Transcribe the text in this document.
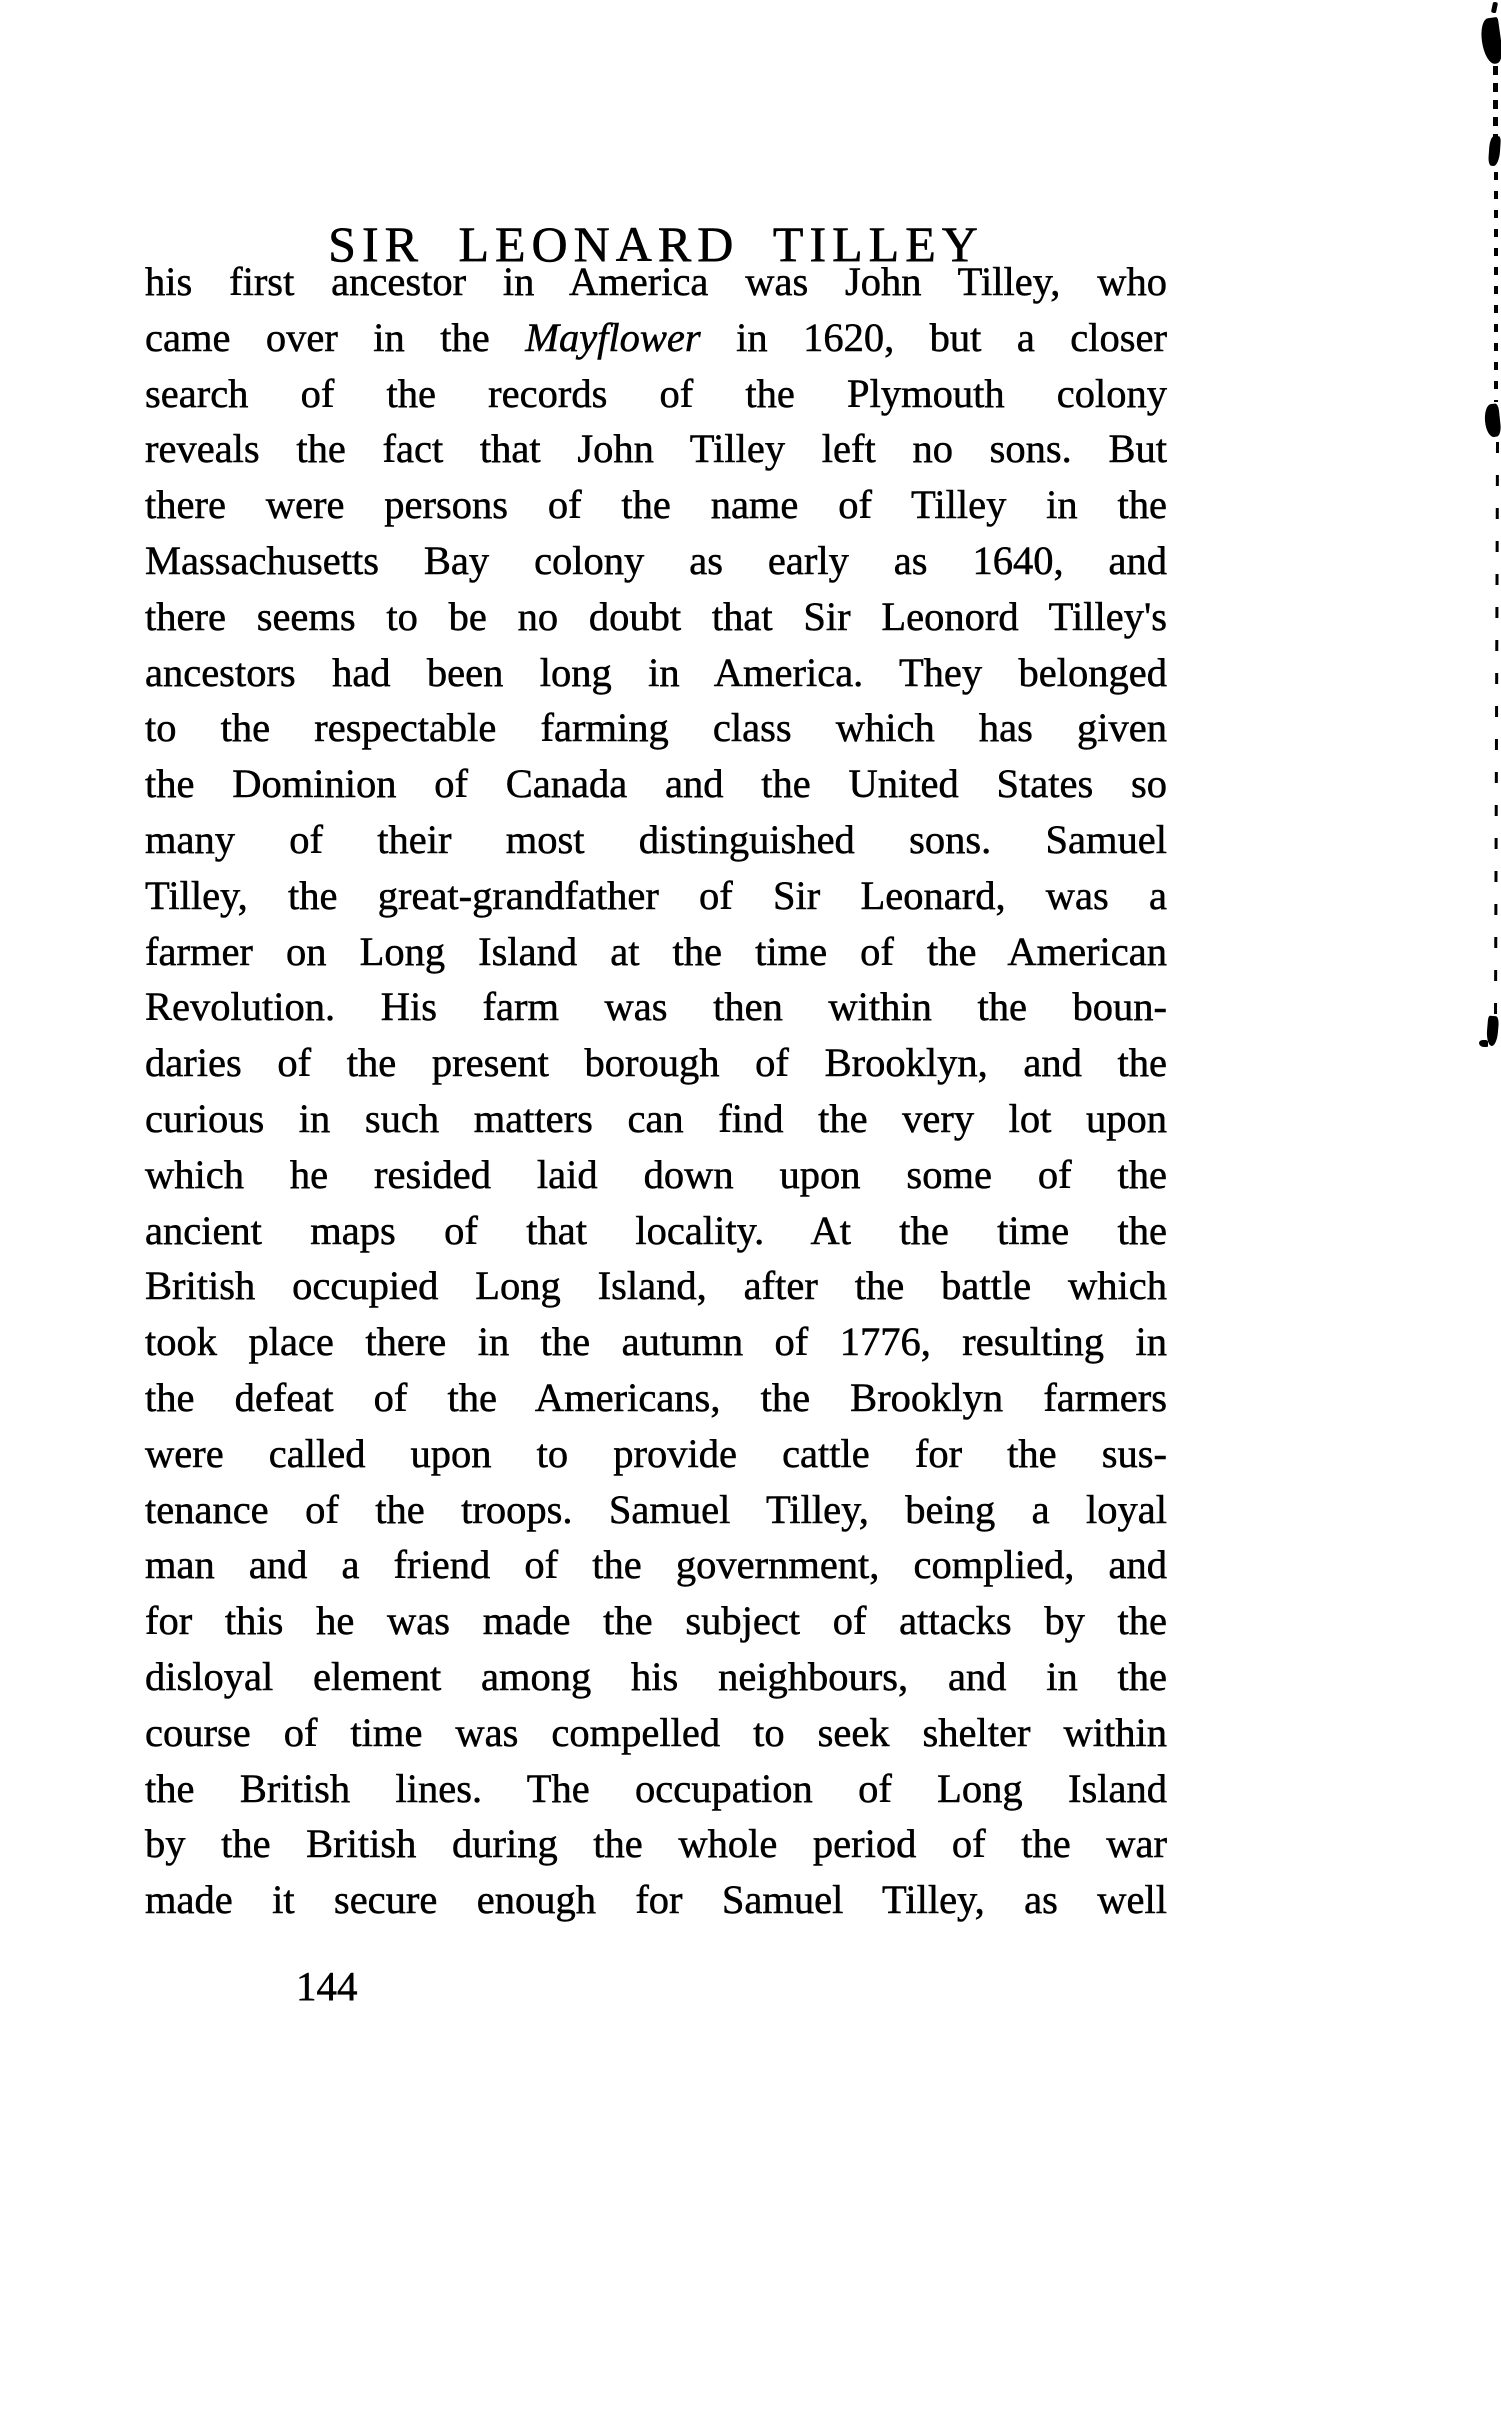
SIR LEONARD TILLEY

his first ancestor in America was John Tilley, who

came over in the Mayflower in 1620, but a closer

search of the records of the Plymouth colony

reveals the fact that John Tilley left no sons. But

there were persons of the name of Tilley in the

Massachusetts Bay colony as early as 1640, and

there seems to be no doubt that Sir Leonord Tilley's

ancestors had been long in America. They belonged

to the respectable farming class which has given

the Dominion of Canada and the United States so

many of their most distinguished sons. Samuel

Tilley, the great-grandfather of Sir Leonard, was a

farmer on Long Island at the time of the American

Revolution. His farm was then within the boun-

daries of the present borough of Brooklyn, and the

curious in such matters can find the very lot upon

which he resided laid down upon some of the

ancient maps of that locality. At the time the

British occupied Long Island, after the battle which

took place there in the autumn of 1776, resulting in

the defeat of the Americans, the Brooklyn farmers

were called upon to provide cattle for the sus-

tenance of the troops. Samuel Tilley, being a loyal

man and a friend of the government, complied, and

for this he was made the subject of attacks by the

disloyal element among his neighbours, and in the

course of time was compelled to seek shelter within

the British lines. The occupation of Long Island

by the British during the whole period of the war

made it secure enough for Samuel Tilley, as well

144
